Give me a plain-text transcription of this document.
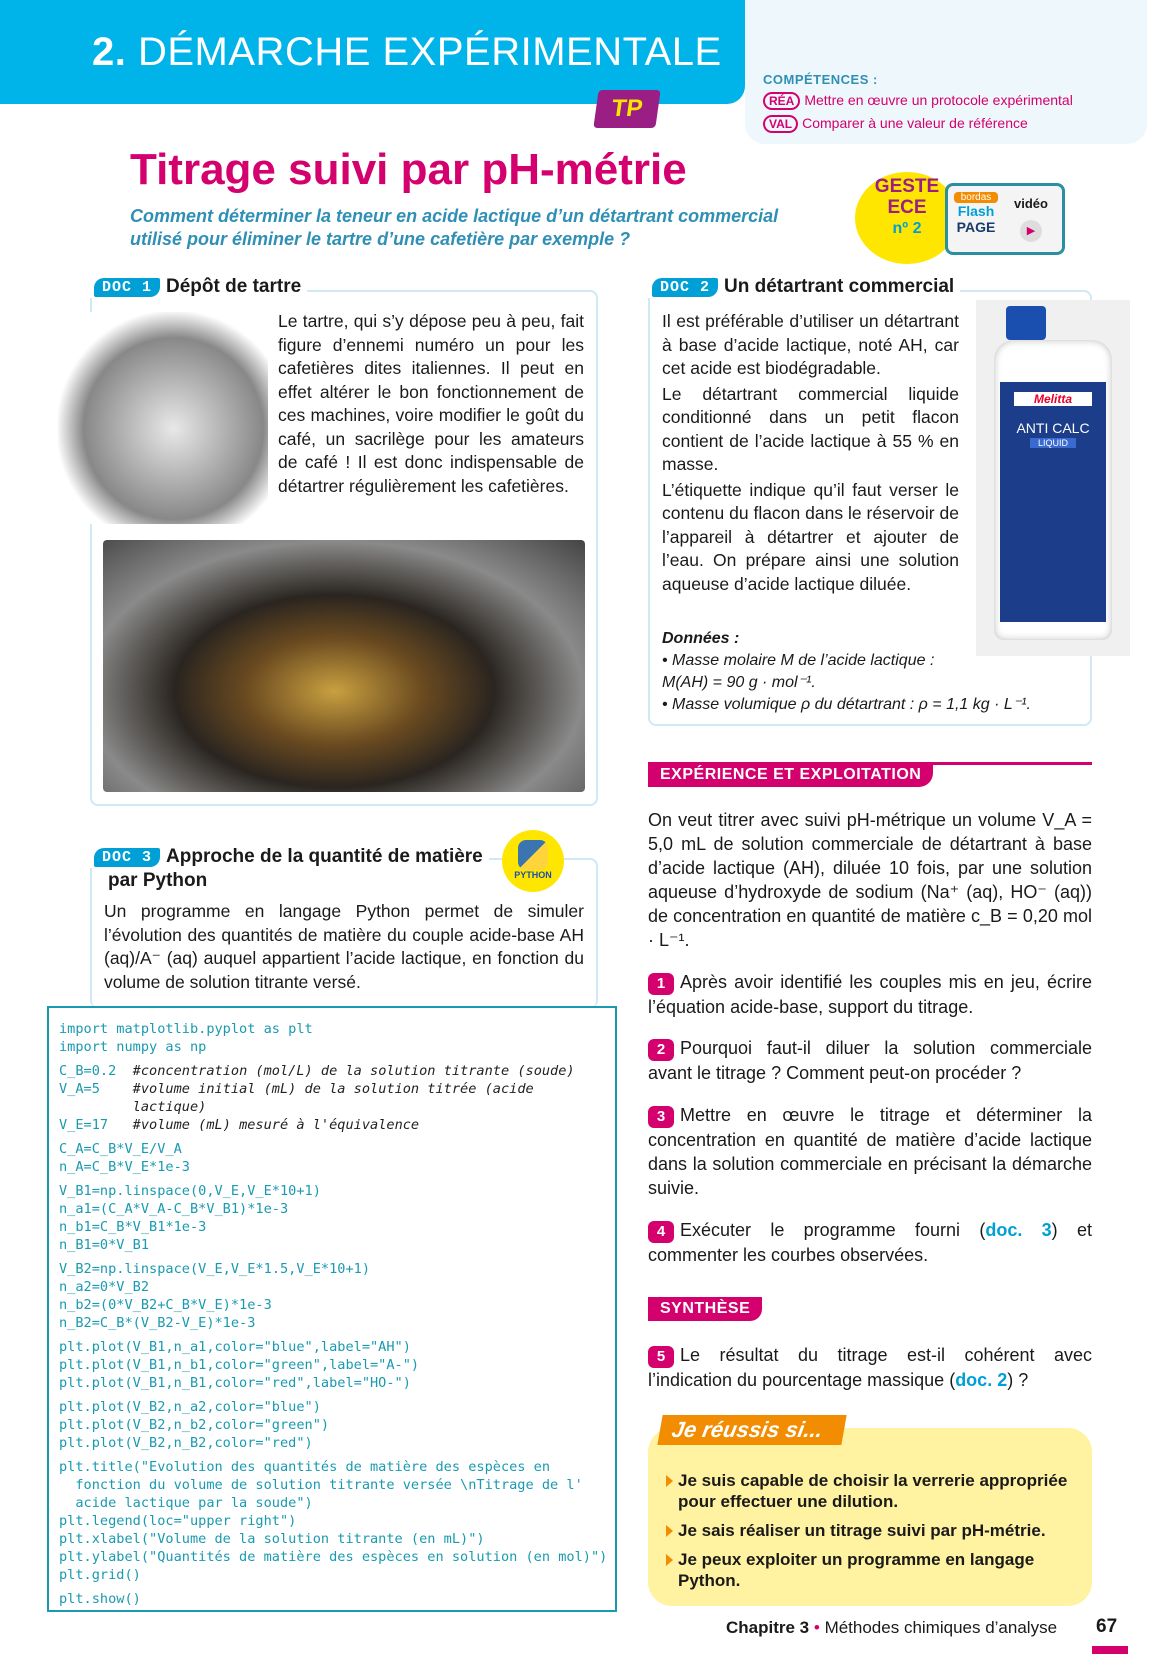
2. DÉMARCHE EXPÉRIMENTALE
COMPÉTENCES :
RÉA Mettre en œuvre un protocole expérimental
VAL Comparer à une valeur de référence
TP
Titrage suivi par pH-métrie
Comment déterminer la teneur en acide lactique d’un détartrant commercial utilisé pour éliminer le tartre d’une cafetière par exemple ?
GESTE
ECE
nº 2
bordas
Flash
PAGE
vidéo
▶
DOC 1 Dépôt de tartre
Le tartre, qui s’y dépose peu à peu, fait figure d’ennemi numéro un pour les cafetières dites italiennes. Il peut en effet altérer le bon fonctionnement de ces machines, voire modifier le goût du café, un sacrilège pour les amateurs de café ! Il est donc indispensable de détartrer régulièrement les cafetières.
DOC 2 Un détartrant commercial
Il est préférable d’utiliser un détartrant à base d’acide lactique, noté AH, car cet acide est biodégradable.
Le détartrant commercial liquide conditionné dans un petit flacon contient de l’acide lactique à 55 % en masse.
L’étiquette indique qu’il faut verser le contenu du flacon dans le réservoir de l’appareil à détartrer et ajouter de l’eau. On prépare ainsi une solution aqueuse d’acide lactique diluée.
Données :
• Masse molaire M de l’acide lactique : M(AH) = 90 g · mol⁻¹.
• Masse volumique ρ du détartrant : ρ = 1,1 kg · L⁻¹.
Melitta
ANTI CALC
LIQUID
DOC 3 Approche de la quantité de matière
par Python	PYTHON
Un programme en langage Python permet de simuler l’évolution des quantités de matière du couple acide-base AH (aq)/A⁻ (aq) auquel appartient l’acide lactique, en fonction du volume de solution titrante versé.
import matplotlib.pyplot as plt
import numpy as np
C_B=0.2  #concentration (mol/L) de la solution titrante (soude)
V_A=5    #volume initial (mL) de la solution titrée (acide
lactique)
V_E=17   #volume (mL) mesuré à l'équivalence
C_A=C_B*V_E/V_A
n_A=C_B*V_E*1e-3
V_B1=np.linspace(0,V_E,V_E*10+1)
n_a1=(C_A*V_A-C_B*V_B1)*1e-3
n_b1=C_B*V_B1*1e-3
n_B1=0*V_B1
V_B2=np.linspace(V_E,V_E*1.5,V_E*10+1)
n_a2=0*V_B2
n_b2=(0*V_B2+C_B*V_E)*1e-3
n_B2=C_B*(V_B2-V_E)*1e-3
plt.plot(V_B1,n_a1,color="blue",label="AH")
plt.plot(V_B1,n_b1,color="green",label="A-")
plt.plot(V_B1,n_B1,color="red",label="HO-")
plt.plot(V_B2,n_a2,color="blue")
plt.plot(V_B2,n_b2,color="green")
plt.plot(V_B2,n_B2,color="red")
plt.title("Evolution des quantités de matière des espèces en
fonction du volume de solution titrante versée \nTitrage de l'
acide lactique par la soude")
plt.legend(loc="upper right")
plt.xlabel("Volume de la solution titrante (en mL)")
plt.ylabel("Quantités de matière des espèces en solution (en mol)")
plt.grid()
plt.show()
EXPÉRIENCE ET EXPLOITATION
On veut titrer avec suivi pH-métrique un volume V_A = 5,0 mL de solution commerciale de détartrant à base d’acide lactique (AH), diluée 10 fois, par une solution aqueuse d’hydroxyde de sodium (Na⁺ (aq), HO⁻ (aq)) de concentration en quantité de matière c_B = 0,20 mol · L⁻¹.
1 Après avoir identifié les couples mis en jeu, écrire l’équation acide-base, support du titrage.
2 Pourquoi faut-il diluer la solution commerciale avant le titrage ? Comment peut-on procéder ?
3 Mettre en œuvre le titrage et déterminer la concentration en quantité de matière d’acide lactique dans la solution commerciale en précisant la démarche suivie.
4 Exécuter le programme fourni (doc. 3) et commenter les courbes observées.
SYNTHÈSE
5 Le résultat du titrage est-il cohérent avec l’indication du pourcentage massique (doc. 2) ?
Je suis capable de choisir la verrerie appropriée pour effectuer une dilution.
Je sais réaliser un titrage suivi par pH-métrie.
Je peux exploiter un programme en langage Python.
Je réussis si...
Chapitre 3 • Méthodes chimiques d’analyse 67
